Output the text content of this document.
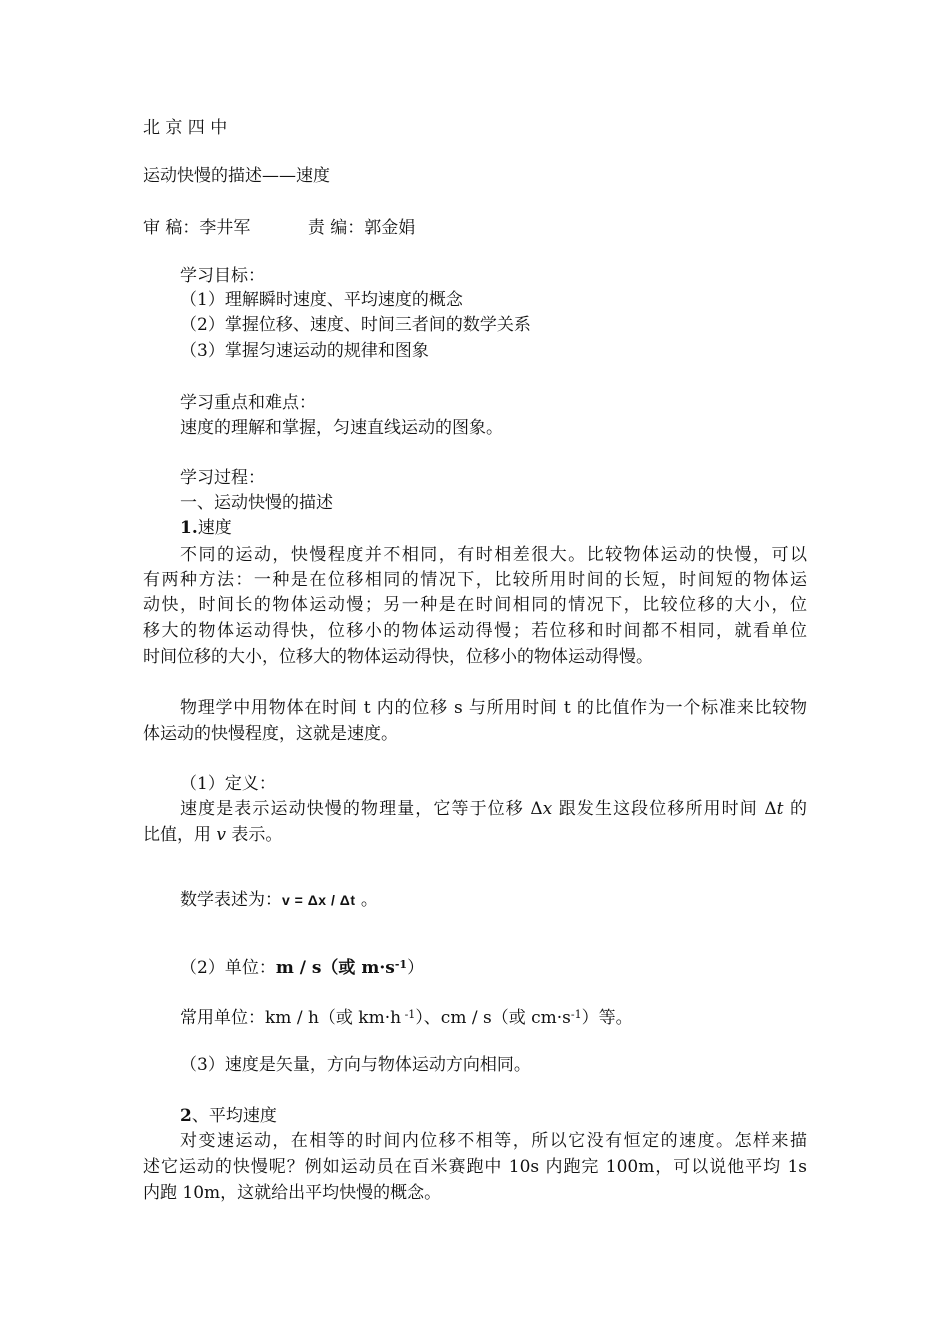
北 京 四 中
运动快慢的描述——速度
审 稿：李井军	责 编：郭金娟
学习目标：
（1）理解瞬时速度、平均速度的概念
（2）掌握位移、速度、时间三者间的数学关系
（3）掌握匀速运动的规律和图象
学习重点和难点：
速度的理解和掌握，匀速直线运动的图象。
学习过程：
一、运动快慢的描述
1.速度
不同的运动，快慢程度并不相同，有时相差很大。比较物体运动的快慢，可以
有两种方法：一种是在位移相同的情况下，比较所用时间的长短，时间短的物体运
动快，时间长的物体运动慢；另一种是在时间相同的情况下，比较位移的大小，位
移大的物体运动得快，位移小的物体运动得慢；若位移和时间都不相同，就看单位
时间位移的大小，位移大的物体运动得快，位移小的物体运动得慢。
物理学中用物体在时间 t 内的位移 s 与所用时间 t 的比值作为一个标准来比较物
体运动的快慢程度，这就是速度。
（1）定义：
速度是表示运动快慢的物理量，它等于位移 Δx 跟发生这段位移所用时间 Δt 的
比值，用 v 表示。
数学表述为：v = Δx / Δt 。
（2）单位：m / s（或 $m\cdot s^{-1}$）
常用单位：km / h（或 km·h $^{-1}$）、cm / s（或 $cm\cdot s^{-1}$）等。
（3）速度是矢量，方向与物体运动方向相同。
2、平均速度
对变速运动，在相等的时间内位移不相等，所以它没有恒定的速度。怎样来描
述它运动的快慢呢？例如运动员在百米赛跑中 10s 内跑完 100m，可以说他平均 1s
内跑 10m，这就给出平均快慢的概念。
